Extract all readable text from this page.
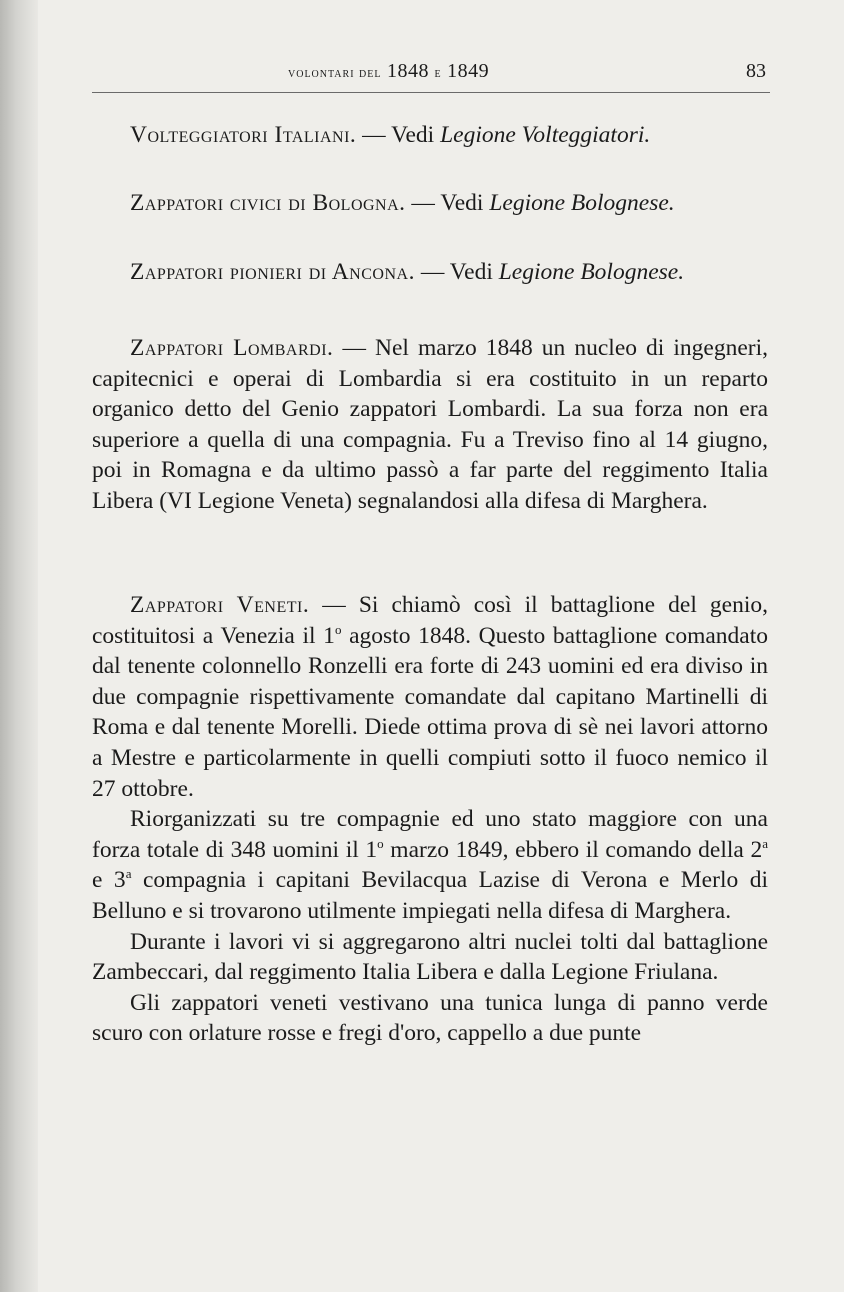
volontari del 1848 e 1849	83

Volteggiatori Italiani. — Vedi Legione Volteggiatori.

Zappatori civici di Bologna. — Vedi Legione Bolognese.

Zappatori pionieri di Ancona. — Vedi Legione Bolognese.

Zappatori Lombardi. — Nel marzo 1848 un nucleo di ingegneri, capitecnici e operai di Lombardia si era costituito in un reparto organico detto del Genio zappatori Lombardi. La sua forza non era superiore a quella di una compagnia. Fu a Treviso fino al 14 giugno, poi in Romagna e da ultimo passò a far parte del reggimento Italia Libera (VI Legione Veneta) segnalandosi alla difesa di Marghera.

Zappatori Veneti. — Si chiamò così il battaglione del genio, costituitosi a Venezia il 1$^o$ agosto 1848. Questo battaglione comandato dal tenente colonnello Ronzelli era forte di 243 uomini ed era diviso in due compagnie rispettivamente comandate dal capitano Martinelli di Roma e dal tenente Morelli. Diede ottima prova di sè nei lavori attorno a Mestre e particolarmente in quelli compiuti sotto il fuoco nemico il 27 ottobre.

Riorganizzati su tre compagnie ed uno stato maggiore con una forza totale di 348 uomini il 1$^o$ marzo 1849, ebbero il comando della 2$^a$ e 3$^a$ compagnia i capitani Bevilacqua Lazise di Verona e Merlo di Belluno e si trovarono utilmente impiegati nella difesa di Marghera.

Durante i lavori vi si aggregarono altri nuclei tolti dal battaglione Zambeccari, dal reggimento Italia Libera e dalla Legione Friulana.

Gli zappatori veneti vestivano una tunica lunga di panno verde scuro con orlature rosse e fregi d'oro, cappello a due punte
